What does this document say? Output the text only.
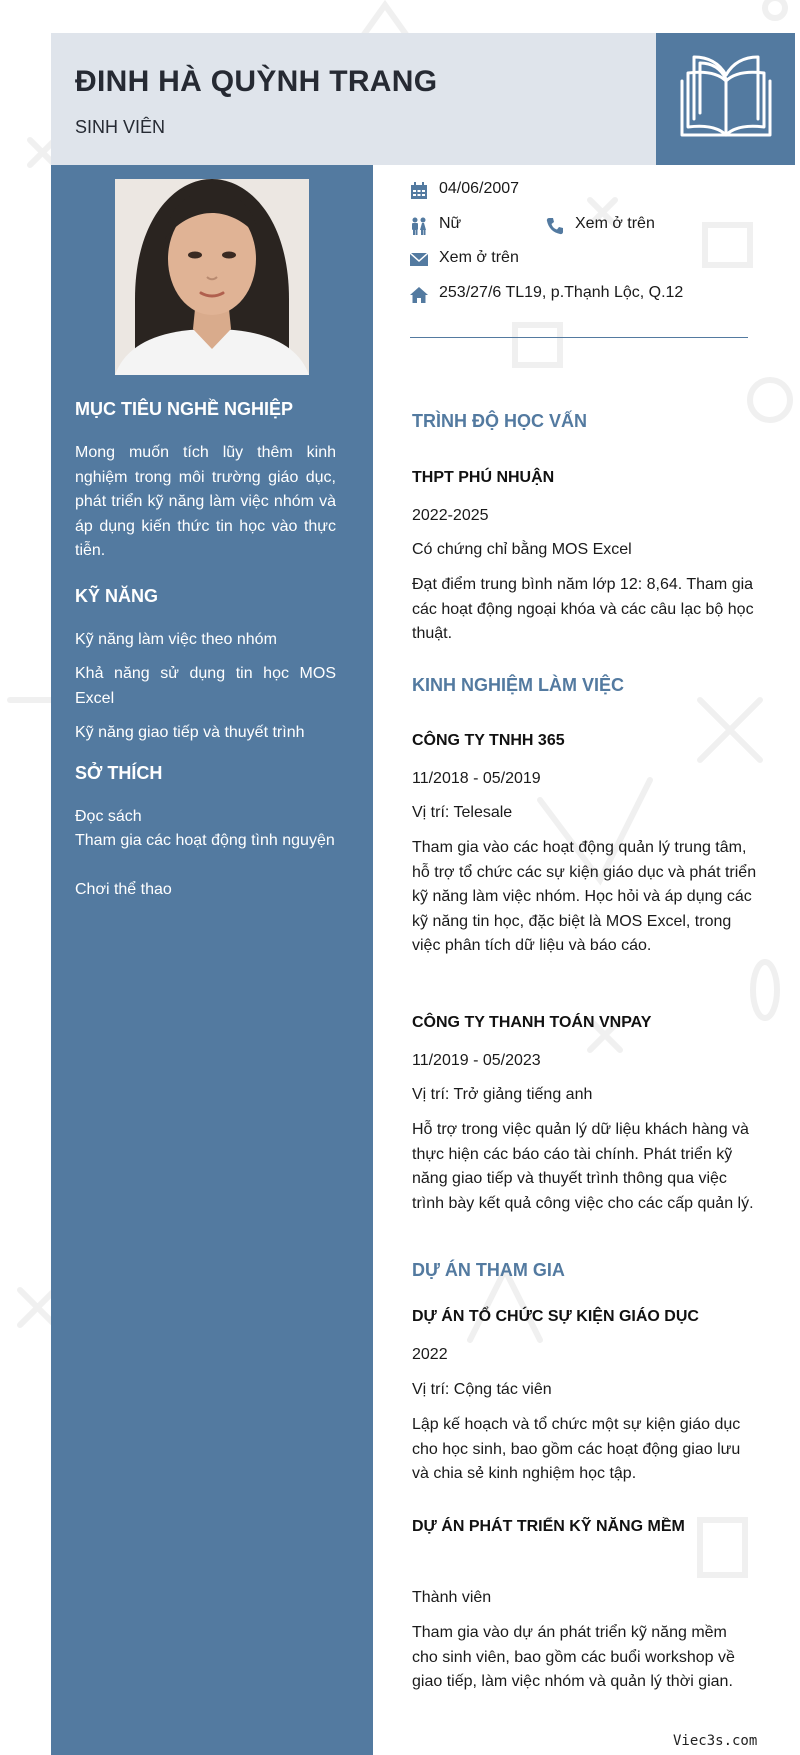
ĐINH HÀ QUỲNH TRANG

SINH VIÊN

MỤC TIÊU NGHỀ NGHIỆP

Mong muốn tích lũy thêm kinh nghiệm trong môi trường giáo dục, phát triển kỹ năng làm việc nhóm và áp dụng kiến thức tin học vào thực tiễn.

KỸ NĂNG

Kỹ năng làm việc theo nhóm

Khả năng sử dụng tin học MOS Excel

Kỹ năng giao tiếp và thuyết trình

SỞ THÍCH

Đọc sách

Tham gia các hoạt động tình nguyện

Chơi thể thao

04/06/2007
Nữ	Xem ở trên
Xem ở trên
253/27/6 TL19, p.Thạnh Lộc, Q.12
TRÌNH ĐỘ HỌC VẤN

THPT PHÚ NHUẬN

2022-2025

Có chứng chỉ bằng MOS Excel

Đạt điểm trung bình năm lớp 12: 8,64. Tham gia các hoạt động ngoại khóa và các câu lạc bộ học thuật.

KINH NGHIỆM LÀM VIỆC

CÔNG TY TNHH 365

11/2018 - 05/2019

Vị trí: Telesale

Tham gia vào các hoạt động quản lý trung tâm, hỗ trợ tổ chức các sự kiện giáo dục và phát triển kỹ năng làm việc nhóm. Học hỏi và áp dụng các kỹ năng tin học, đặc biệt là MOS Excel, trong việc phân tích dữ liệu và báo cáo.

CÔNG TY THANH TOÁN VNPAY

11/2019 - 05/2023

Vị trí: Trở giảng tiếng anh

Hỗ trợ trong việc quản lý dữ liệu khách hàng và thực hiện các báo cáo tài chính. Phát triển kỹ năng giao tiếp và thuyết trình thông qua việc trình bày kết quả công việc cho các cấp quản lý.

DỰ ÁN THAM GIA

DỰ ÁN TỔ CHỨC SỰ KIỆN GIÁO DỤC

2022

Vị trí: Cộng tác viên

Lập kế hoạch và tổ chức một sự kiện giáo dục cho học sinh, bao gồm các hoạt động giao lưu và chia sẻ kinh nghiệm học tập.

DỰ ÁN PHÁT TRIỂN KỸ NĂNG MỀM

Thành viên

Tham gia vào dự án phát triển kỹ năng mềm cho sinh viên, bao gồm các buổi workshop về giao tiếp, làm việc nhóm và quản lý thời gian.

Viec3s.com
